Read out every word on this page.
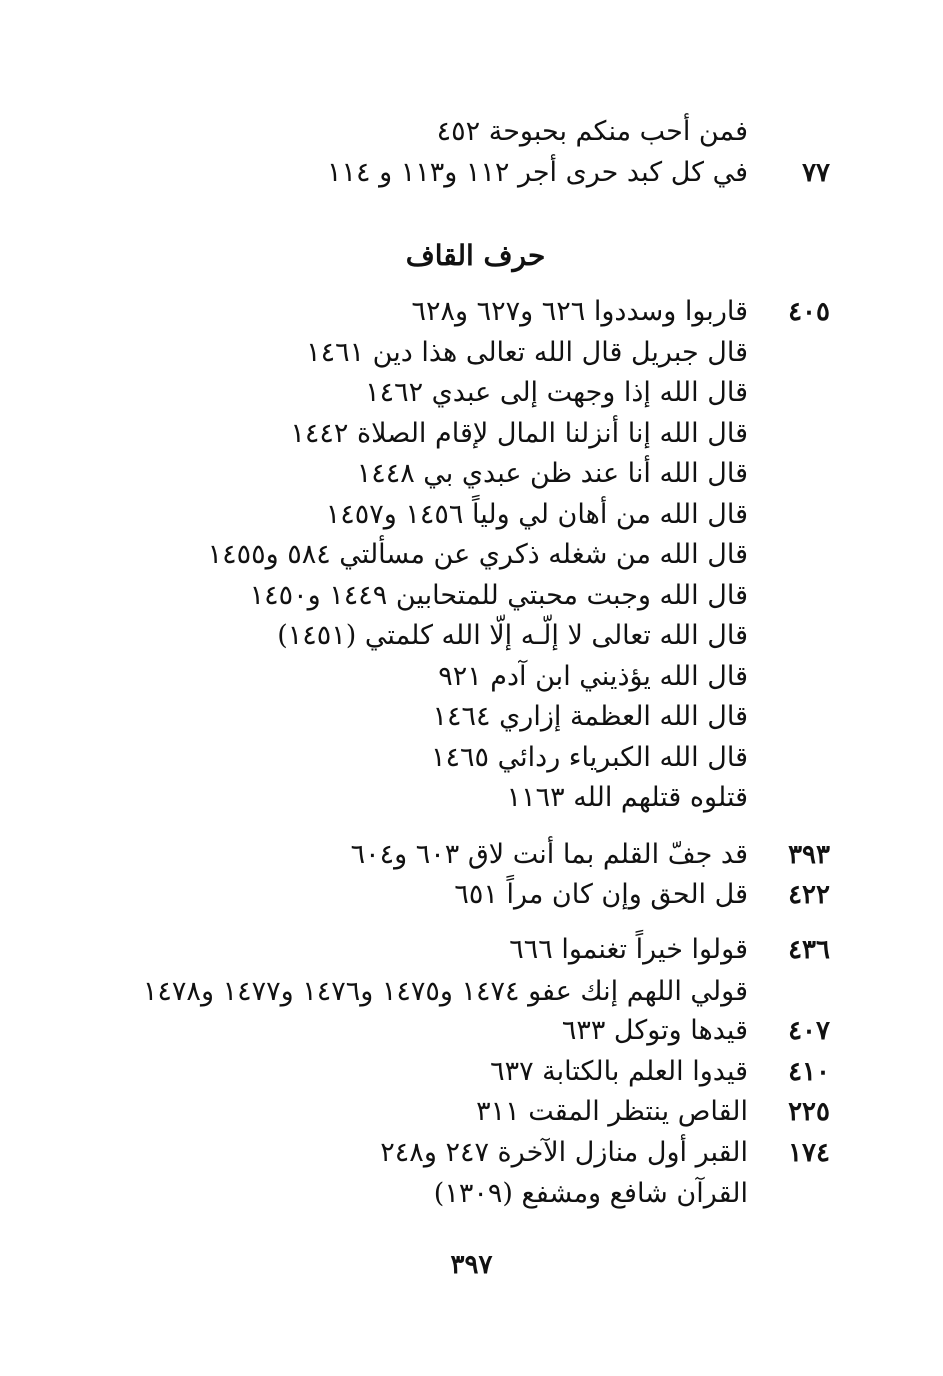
فمن أحب منكم بحبوحة ٤٥٢
٧٧
في كل كبد حرى أجر ١١٢ و١١٣ و ١١٤
حرف القاف
٤٠٥
قاربوا وسددوا ٦٢٦ و٦٢٧ و٦٢٨
قال جبريل قال الله تعالى هذا دين ١٤٦١
قال الله إذا وجهت إلى عبدي ١٤٦٢
قال الله إنا أنزلنا المال لإقام الصلاة ١٤٤٢
قال الله أنا عند ظن عبدي بي ١٤٤٨
قال الله من أهان لي ولياً ١٤٥٦ و١٤٥٧
قال الله من شغله ذكري عن مسألتي ٥٨٤ و١٤٥٥
قال الله وجبت محبتي للمتحابين ١٤٤٩ و١٤٥٠
قال الله تعالى لا إلّـه إلّا الله كلمتي (١٤٥١)
قال الله يؤذيني ابن آدم ٩٢١
قال الله العظمة إزاري ١٤٦٤
قال الله الكبرياء ردائي ١٤٦٥
قتلوه قتلهم الله ١١٦٣
٣٩٣
قد جفّ القلم بما أنت لاق ٦٠٣ و٦٠٤
٤٢٢
قل الحق وإن كان مراً ٦٥١
٤٣٦
قولوا خيراً تغنموا ٦٦٦
قولي اللهم إنك عفو ١٤٧٤ و١٤٧٥ و١٤٧٦ و١٤٧٧ و١٤٧٨
٤٠٧
قيدها وتوكل ٦٣٣
٤١٠
قيدوا العلم بالكتابة ٦٣٧
٢٢٥
القاص ينتظر المقت ٣١١
١٧٤
القبر أول منازل الآخرة ٢٤٧ و٢٤٨
القرآن شافع ومشفع (١٣٠٩)
٣٩٧
